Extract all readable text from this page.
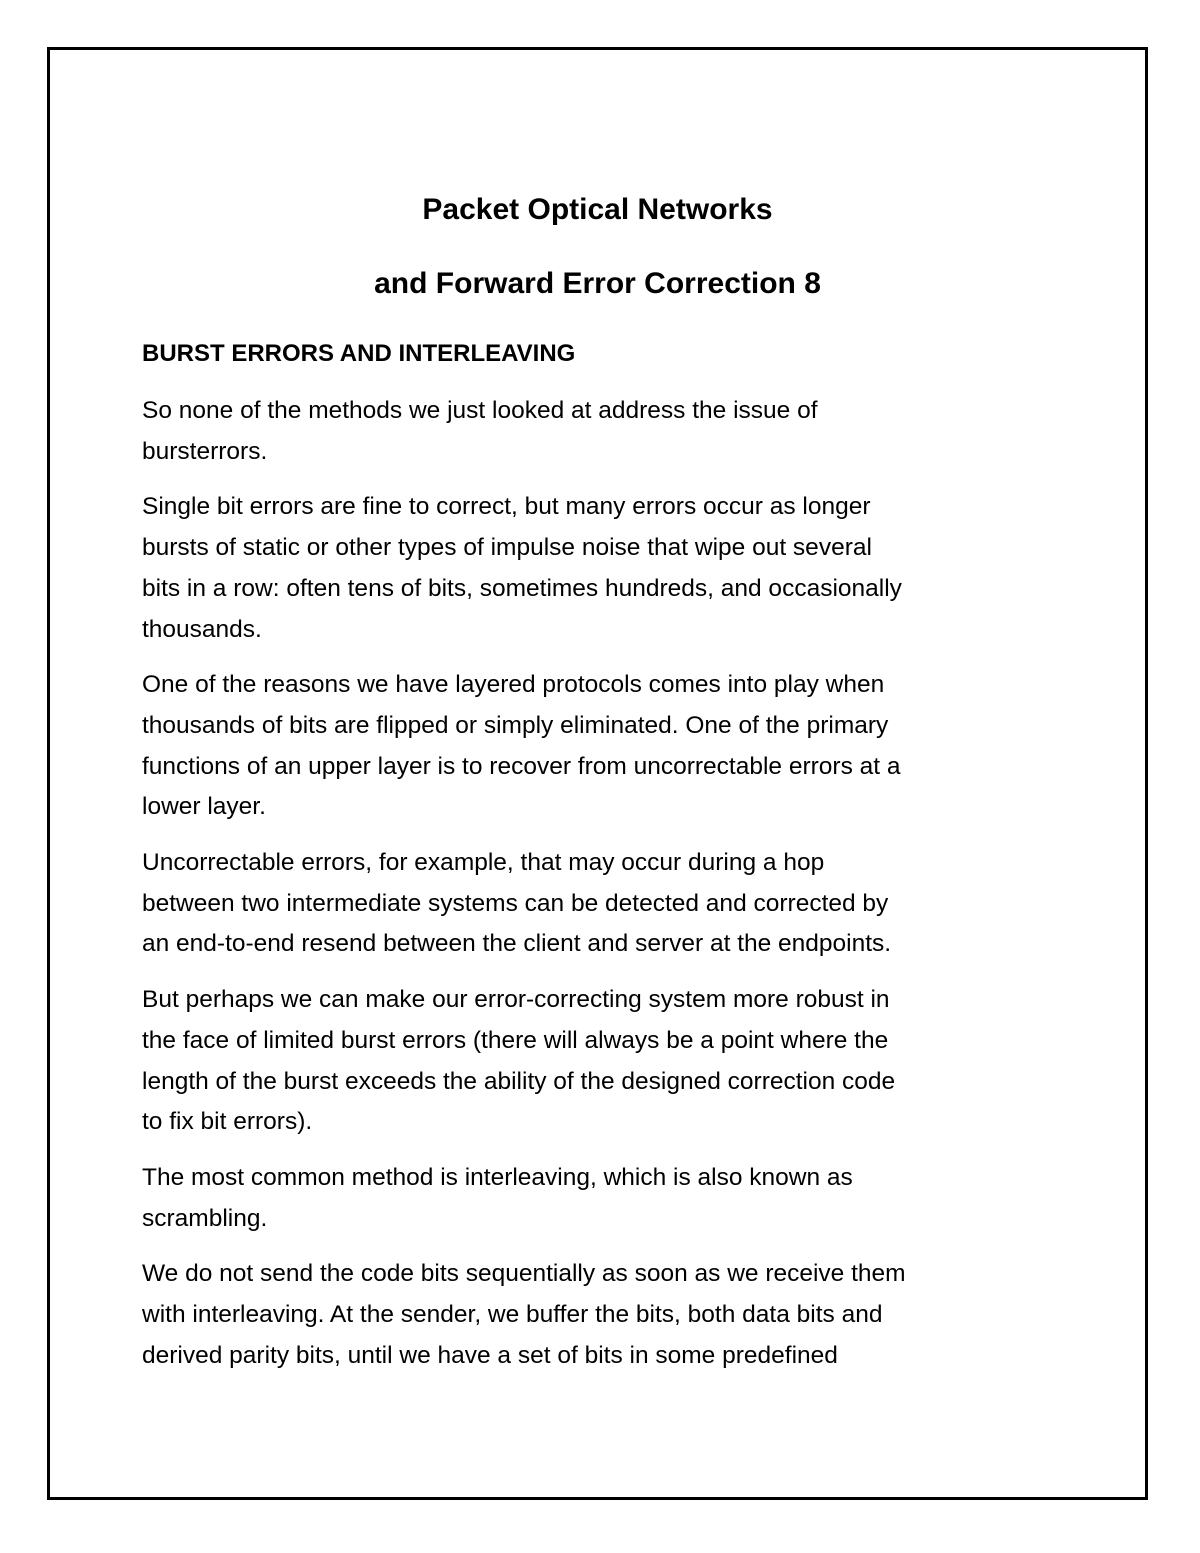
Packet Optical Networks

and Forward Error Correction 8

BURST ERRORS AND INTERLEAVING

So none of the methods we just looked at address the issue of
bursterrors.

Single bit errors are fine to correct, but many errors occur as longer
bursts of static or other types of impulse noise that wipe out several
bits in a row: often tens of bits, sometimes hundreds, and occasionally
thousands.

One of the reasons we have layered protocols comes into play when
thousands of bits are flipped or simply eliminated. One of the primary
functions of an upper layer is to recover from uncorrectable errors at a
lower layer.

Uncorrectable errors, for example, that may occur during a hop
between two intermediate systems can be detected and corrected by
an end-to-end resend between the client and server at the endpoints.

But perhaps we can make our error-correcting system more robust in
the face of limited burst errors (there will always be a point where the
length of the burst exceeds the ability of the designed correction code
to fix bit errors).

The most common method is interleaving, which is also known as
scrambling.

We do not send the code bits sequentially as soon as we receive them
with interleaving. At the sender, we buffer the bits, both data bits and
derived parity bits, until we have a set of bits in some predefined
